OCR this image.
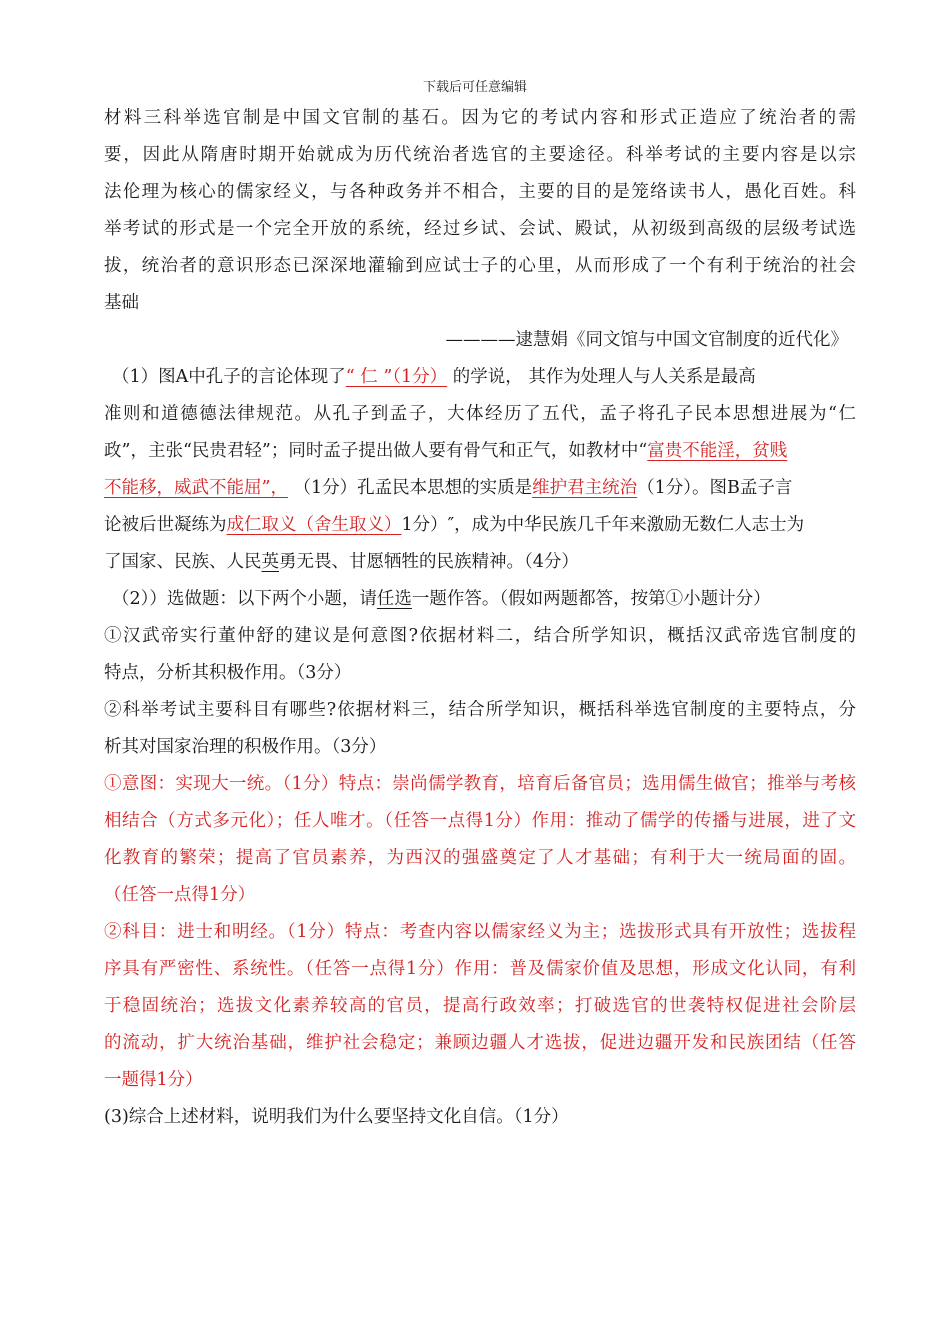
下载后可任意编辑
材料三科举选官制是中国文官制的基石。因为它的考试内容和形式正造应了统治者的需
要，因此从隋唐时期开始就成为历代统治者选官的主要途径。科举考试的主要内容是以宗
法伦理为核心的儒家经义，与各种政务并不相合，主要的目的是笼络读书人，愚化百姓。科
举考试的形式是一个完全开放的系统，经过乡试、会试、殿试，从初级到高级的层级考试选
拔，统治者的意识形态已深深地灌输到应试士子的心里，从而形成了一个有利于统治的社会
基础
————逮慧娟《同文馆与中国文官制度的近代化》
（1）图A中孔子的言论体现了“ 仁 ”（1分） 的学说， 其作为处理人与人关系是最高
准则和道德德法律规范。从孔子到孟子，大体经历了五代，孟子将孔子民本思想进展为“仁
政”，主张“民贵君轻”；同时孟子提出做人要有骨气和正气，如教材中“富贵不能淫，贫贱
不能移，威武不能屈”， （1分）孔孟民本思想的实质是维护君主统治（1分）。图B孟子言
论被后世凝练为成仁取义（舍生取义）1分）″，成为中华民族几千年来激励无数仁人志士为
了国家、民族、人民英勇无畏、甘愿牺牲的民族精神。（4分）
（2））选做题：以下两个小题，请任选一题作答。（假如两题都答，按第①小题计分）
①汉武帝实行董仲舒的建议是何意图?依据材料二，结合所学知识，概括汉武帝选官制度的
特点，分析其积极作用。（3分）
②科举考试主要科目有哪些?依据材料三，结合所学知识，概括科举选官制度的主要特点，分
析其对国家治理的积极作用。（3分）
①意图：实现大一统。（1分）特点：崇尚儒学教育，培育后备官员；选用儒生做官；推举与考核
相结合（方式多元化）；任人唯才。（任答一点得1分）作用：推动了儒学的传播与进展，进了文
化教育的繁荣；提高了官员素养，为西汉的强盛奠定了人才基础；有利于大一统局面的固。
（任答一点得1分）
②科目：进士和明经。（1分）特点：考查内容以儒家经义为主；选拔形式具有开放性；选拔程
序具有严密性、系统性。（任答一点得1分）作用：普及儒家价值及思想，形成文化认同，有利
于稳固统治；选拔文化素养较高的官员，提高行政效率；打破选官的世袭特权促进社会阶层
的流动，扩大统治基础，维护社会稳定；兼顾边疆人才选拔，促进边疆开发和民族团结（任答
一题得1分）
(3)综合上述材料，说明我们为什么要坚持文化自信。（1分）
